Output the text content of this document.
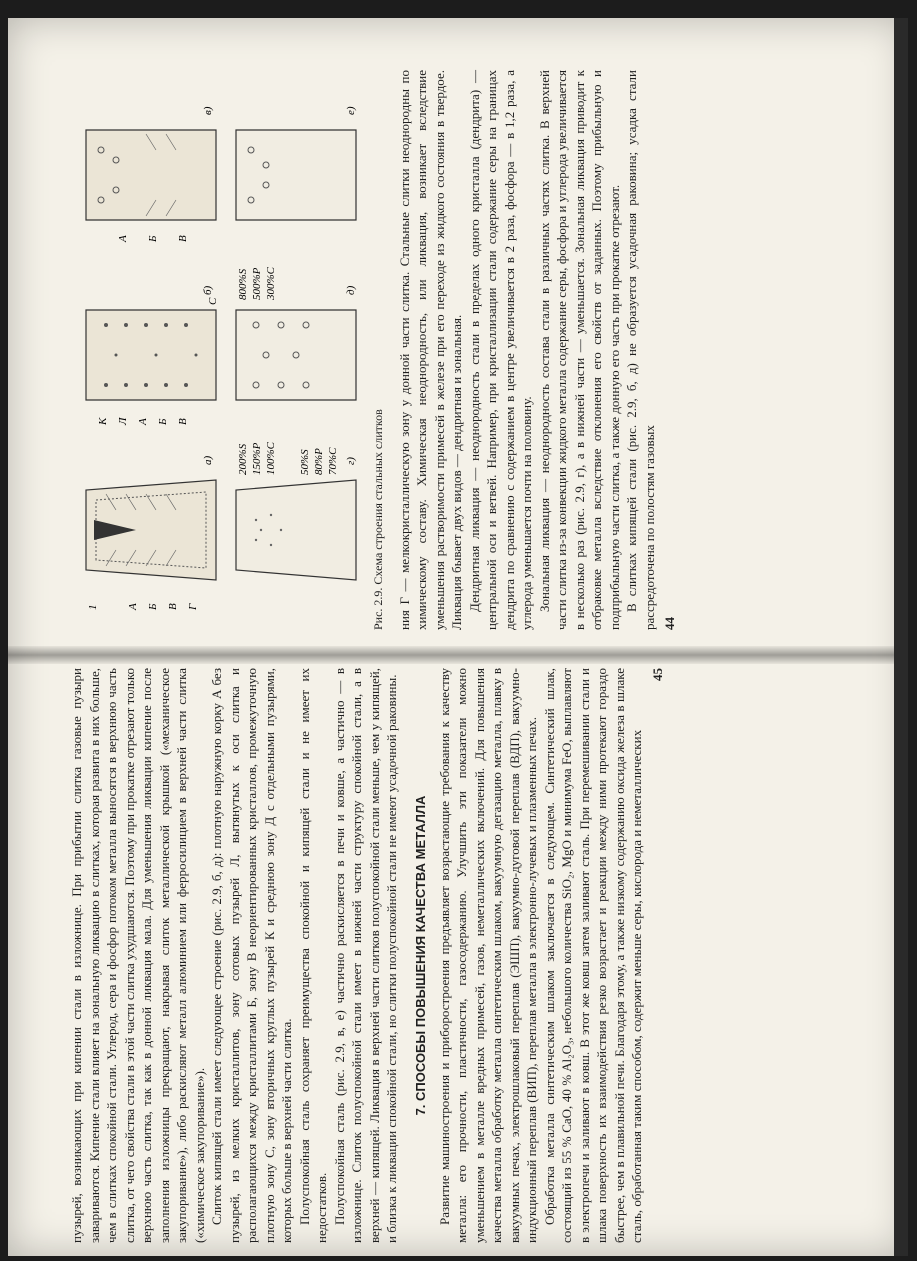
а)
б)
в)
г)
д)
е)
1	А Б В Г
К Л А Б В
А Б В
200%S 150%P 100%C 50%S 80%P 70%C
800%S 500%P 300%C
С

Рис. 2.9. Схема строения стальных слитков ния Г — мелкокристаллическую зону у донной части слитка. Стальные слитки неоднородны по химическому составу. Химическая неоднородность, или ликвация, возникает вследствие уменьшения растворимости примесей в железе при его переходе из жидкого состояния в твердое. Ликвация бывает двух видов — дендритная и зональная. Дендритная ликвация — неоднородность стали в пределах одного кристалла (дендрита) — центральной оси и ветвей. Например, при кристаллизации стали содержание серы на границах дендрита по сравнению с содержанием в центре увеличивается в 2 раза, фосфора — в 1,2 раза, а углерода уменьшается почти на половину. Зональная ликвация — неоднородность состава стали в различных частях слитка. В верхней части слитка из-за конвекции жидкого металла содержание серы, фосфора и углерода увеличивается в несколько раз (рис. 2.9, г), а в нижней части — уменьшается. Зональная ликвация приводит к отбраковке металла вследствие отклонения его свойств от заданных. Поэтому прибыльную и подприбыльную части слитка, а также донную его часть при прокатке отрезают. В слитках кипящей стали (рис. 2.9, б, д) не образуется усадочная раковина; усадка стали рассредоточена по полостям газовых 44

пузырей, возникающих при кипении стали в изложнице. При прибытии слитка газовые пузыри завариваются. Кипение стали влияет на зональную ликвацию в слитках, которая развита в них больше, чем в слитках спокойной стали. Углерод, сера и фосфор потоком металла выносятся в верхнюю часть слитка, от чего свойства стали в этой части слитка ухудшаются. Поэтому при прокатке отрезают только верхнюю часть слитка, так как в донной ликвация мала. Для уменьшения ликвации кипение после заполнения изложницы прекращают, накрывая слиток металлической крышкой («механическое закупоривание»), либо раскисляют металл алюминием или ферросилицием в верхней части слитка («химическое закупоривание»). Слиток кипящей стали имеет следующее строение (рис. 2.9, б, д): плотную наружную корку А без пузырей, из мелких кристаллитов, зону сотовых пузырей Л, вытянутых к оси слитка и располагающихся между кристаллитами Б, зону В неориентированных кристаллов, промежуточную плотную зону С, зону вторичных круглых пузырей К и среднюю зону Д с отдельными пузырями, которых больше в верхней части слитка. Полуспокойная сталь сохраняет преимущества спокойной и кипящей стали и не имеет их недостатков. Полуспокойная сталь (рис. 2.9, в, е) частично раскисляется в печи и ковше, а частично — в изложнице. Слиток полуспокойной стали имеет в нижней части структуру спокойной стали, а в верхней — кипящей. Ликвация в верхней части слитков полуспокойной стали меньше, чем у кипящей, и близка к ликвации спокойной стали, но слитки полуспокойной стали не имеют усадочной раковины. 7. СПОСОБЫ ПОВЫШЕНИЯ КАЧЕСТВА МЕТАЛЛА Развитие машиностроения и приборостроения предъявляет возрастающие требования к качеству металла: его прочности, пластичности, газосодержанию. Улучшить эти показатели можно уменьшением в металле вредных примесей, газов, неметаллических включений. Для повышения качества металла обработку металла синтетическим шлаком, вакуумную дегазацию металла, плавку в вакуумных печах, электрошлаковый переплав (ЭШП), вакуумно-дуговой переплав (ВДП), вакуумно-индукционный переплав (ВИП), переплав металла в электронно-лучевых и плазменных печах. Обработка металла синтетическим шлаком заключается в следующем. Синтетический шлак, состоящий из 55 % CaO, 40 % Al₂O₃, небольшого количества SiO₂, MgO и минимума FeO, выплавляют в электропечи и заливают в ковш. В этот же ковш затем заливают сталь. При перемешивании стали и шлака поверхность их взаимодействия резко возрастает и реакции между ними протекают гораздо быстрее, чем в плавильной печи. Благодаря этому, а также низкому содержанию оксида железа в шлаке сталь, обработанная таким способом, содержит меньше серы, кислорода и неметаллических

45
